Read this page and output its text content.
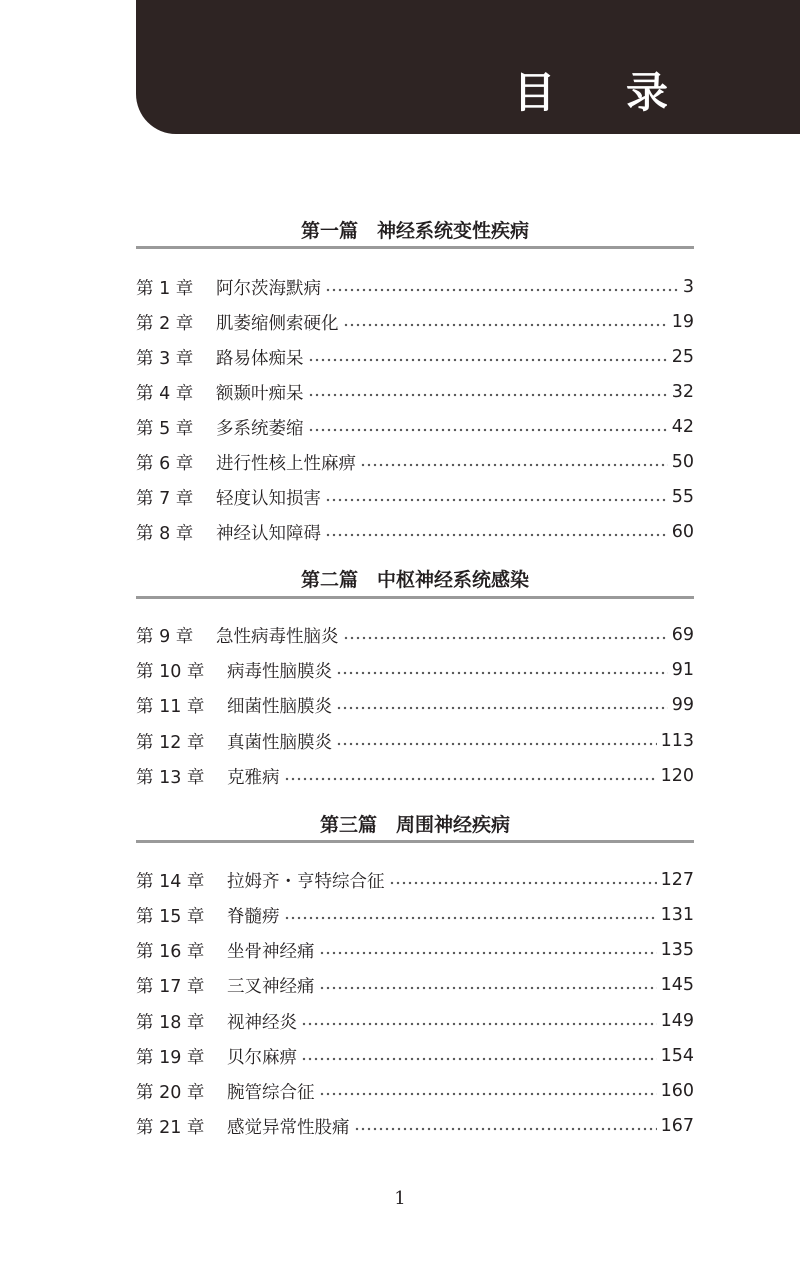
目 录
第一篇　神经系统变性疾病
第 1 章	阿尔茨海默病	3
第 2 章	肌萎缩侧索硬化	19
第 3 章	路易体痴呆	25
第 4 章	额颞叶痴呆	32
第 5 章	多系统萎缩	42
第 6 章	进行性核上性麻痹	50
第 7 章	轻度认知损害	55
第 8 章	神经认知障碍	60
第二篇　中枢神经系统感染
第 9 章	急性病毒性脑炎	69
第 10 章	病毒性脑膜炎	91
第 11 章	细菌性脑膜炎	99
第 12 章	真菌性脑膜炎	113
第 13 章	克雅病	120
第三篇　周围神经疾病
第 14 章	拉姆齐・亨特综合征	127
第 15 章	脊髓痨	131
第 16 章	坐骨神经痛	135
第 17 章	三叉神经痛	145
第 18 章	视神经炎	149
第 19 章	贝尔麻痹	154
第 20 章	腕管综合征	160
第 21 章	感觉异常性股痛	167
1
